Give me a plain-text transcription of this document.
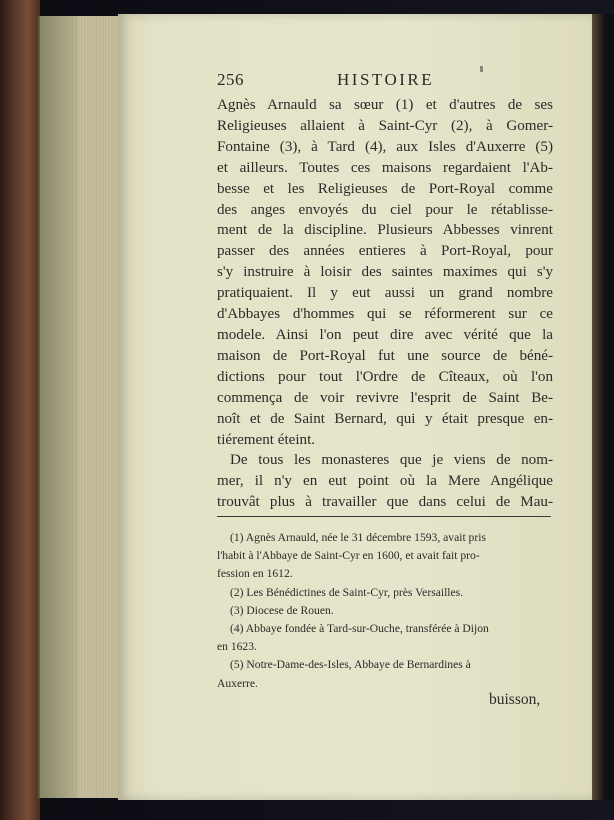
256	HISTOIRE
Agnès Arnauld sa sœur (1) et d'autres de ses
Religieuses allaient à Saint-Cyr (2), à Gomer-
Fontaine (3), à Tard (4), aux Isles d'Auxerre (5)
et ailleurs. Toutes ces maisons regardaient l'Ab-
besse et les Religieuses de Port-Royal comme
des anges envoyés du ciel pour le rétablisse-
ment de la discipline. Plusieurs Abbesses vinrent
passer des années entieres à Port-Royal, pour
s'y instruire à loisir des saintes maximes qui s'y
pratiquaient. Il y eut aussi un grand nombre
d'Abbayes d'hommes qui se réformerent sur ce
modele. Ainsi l'on peut dire avec vérité que la
maison de Port-Royal fut une source de béné-
dictions pour tout l'Ordre de Cîteaux, où l'on
commença de voir revivre l'esprit de Saint Be-
noît et de Saint Bernard, qui y était presque en-
tiérement éteint.
De tous les monasteres que je viens de nom-
mer, il n'y en eut point où la Mere Angélique
trouvât plus à travailler que dans celui de Mau-
(1) Agnès Arnauld, née le 31 décembre 1593, avait pris
l'habit à l'Abbaye de Saint-Cyr en 1600, et avait fait pro-
fession en 1612.
(2) Les Bénédictines de Saint-Cyr, près Versailles.
(3) Diocese de Rouen.
(4) Abbaye fondée à Tard-sur-Ouche, transférée à Dijon
en 1623.
(5) Notre-Dame-des-Isles, Abbaye de Bernardines à
Auxerre.
buisson,
